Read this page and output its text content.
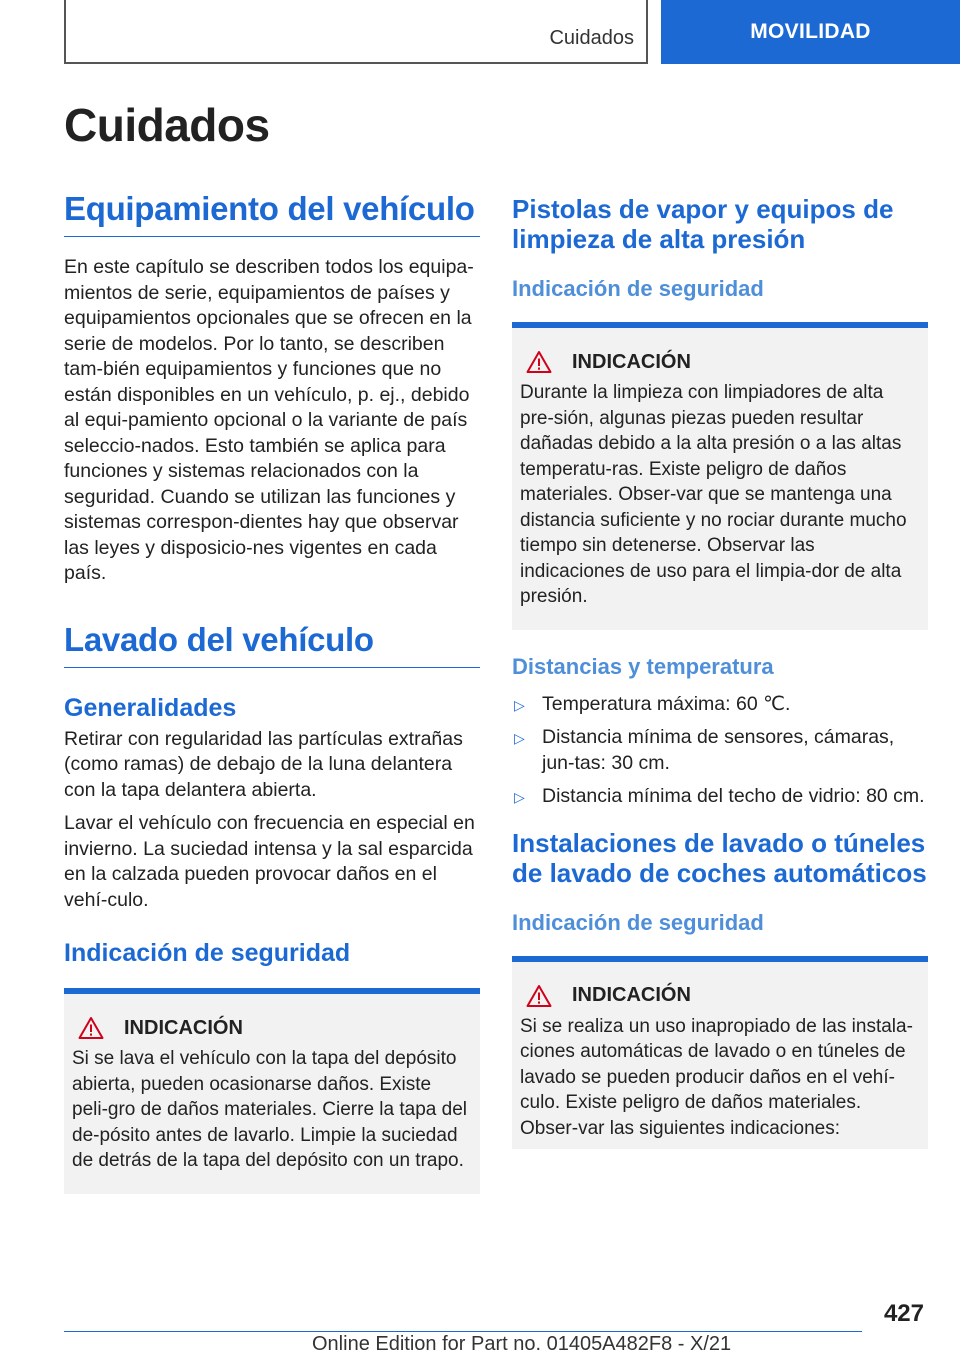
Cuidados	MOVILIDAD
Cuidados
Equipamiento del vehículo

En este capítulo se describen todos los equipa-mientos de serie, equipamientos de países y equipamientos opcionales que se ofrecen en la serie de modelos. Por lo tanto, se describen tam-bién equipamientos y funciones que no están disponibles en un vehículo, p. ej., debido al equi-pamiento opcional o la variante de país seleccio-nados. Esto también se aplica para funciones y sistemas relacionados con la seguridad. Cuando se utilizan las funciones y sistemas correspon-dientes hay que observar las leyes y disposicio-nes vigentes en cada país.

Lavado del vehículo
Generalidades

Retirar con regularidad las partículas extrañas (como ramas) de debajo de la luna delantera con la tapa delantera abierta.

Lavar el vehículo con frecuencia en especial en invierno. La suciedad intensa y la sal esparcida en la calzada pueden provocar daños en el vehí-culo.

Indicación de seguridad
INDICACIÓN

Si se lava el vehículo con la tapa del depósito abierta, pueden ocasionarse daños. Existe peli-gro de daños materiales. Cierre la tapa del de-pósito antes de lavarlo. Limpie la suciedad de detrás de la tapa del depósito con un trapo.

Pistolas de vapor y equipos de limpieza de alta presión
Indicación de seguridad
INDICACIÓN

Durante la limpieza con limpiadores de alta pre-sión, algunas piezas pueden resultar dañadas debido a la alta presión o a las altas temperatu-ras. Existe peligro de daños materiales. Obser-var que se mantenga una distancia suficiente y no rociar durante mucho tiempo sin detenerse. Observar las indicaciones de uso para el limpia-dor de alta presión.

Distancias y temperatura
▷ Temperatura máxima: 60 ℃.
▷ Distancia mínima de sensores, cámaras, jun-tas: 30 cm.
▷ Distancia mínima del techo de vidrio: 80 cm.
Instalaciones de lavado o túneles de lavado de coches automáticos
Indicación de seguridad
INDICACIÓN

Si se realiza un uso inapropiado de las instala-ciones automáticas de lavado o en túneles de lavado se pueden producir daños en el vehí-culo. Existe peligro de daños materiales. Obser-var las siguientes indicaciones:

427
Online Edition for Part no. 01405A482F8 - X/21
